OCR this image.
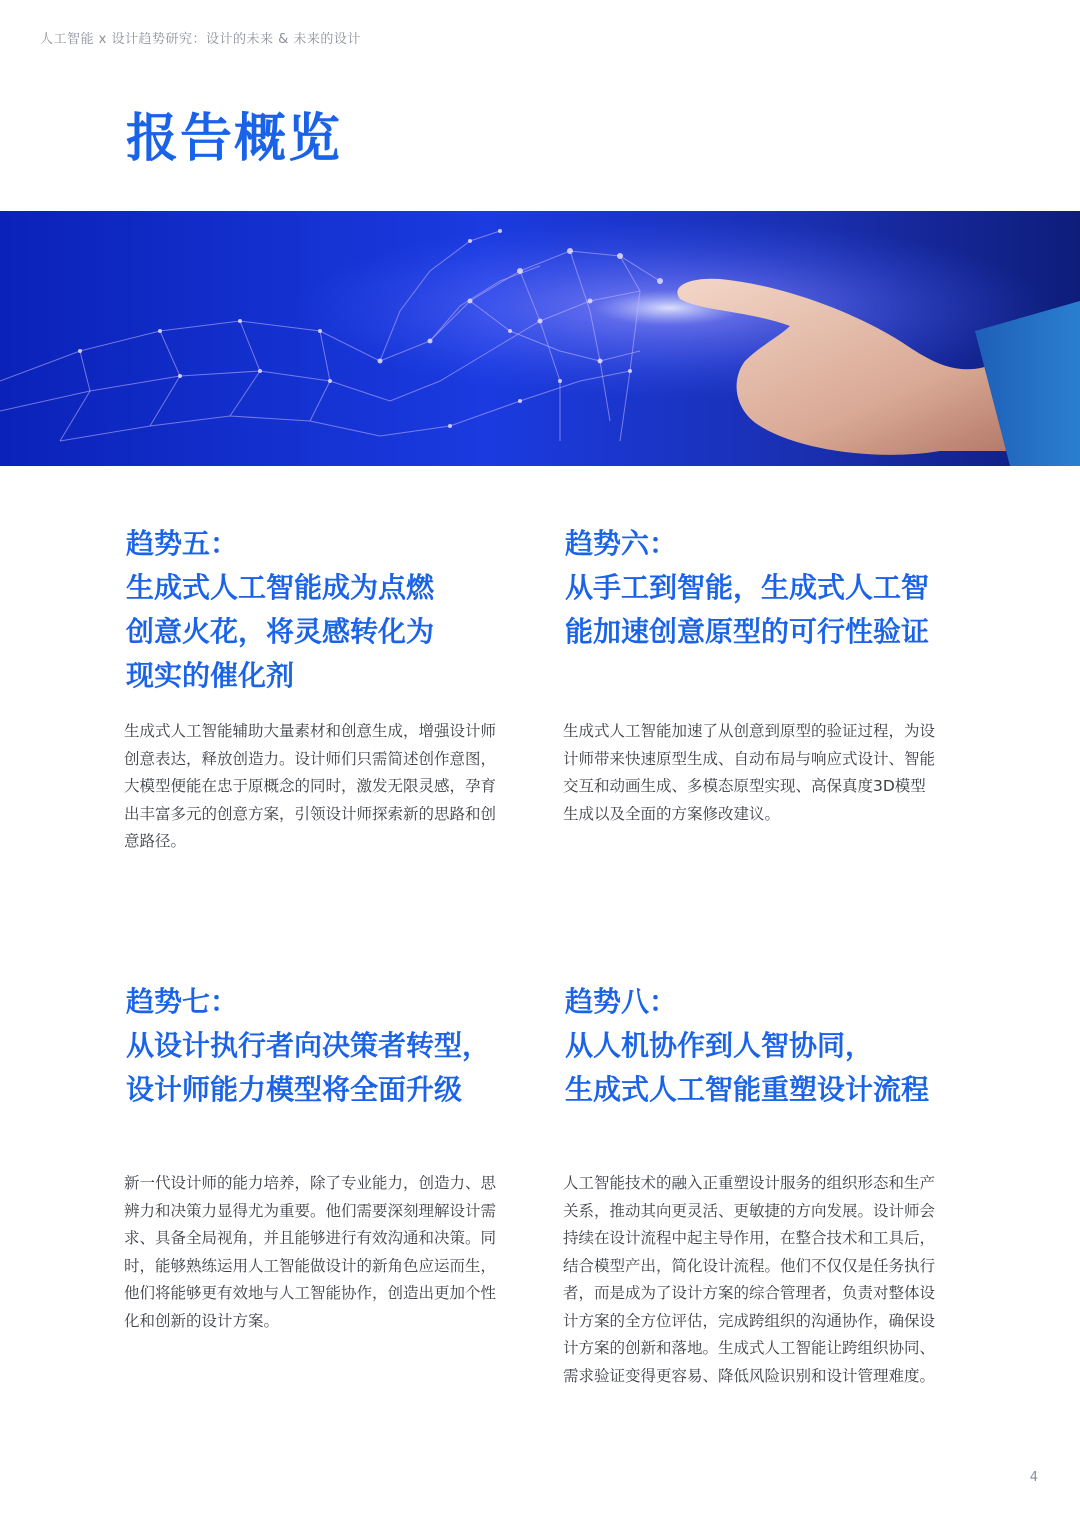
人工智能 x 设计趋势研究：设计的未来 & 未来的设计
报告概览
趋势五：
生成式人工智能成为点燃
创意火花，将灵感转化为
现实的催化剂
生成式人工智能辅助大量素材和创意生成，增强设计师
创意表达，释放创造力。设计师们只需简述创作意图，
大模型便能在忠于原概念的同时，激发无限灵感，孕育
出丰富多元的创意方案，引领设计师探索新的思路和创
意路径。
趋势六：
从手工到智能，生成式人工智
能加速创意原型的可行性验证
生成式人工智能加速了从创意到原型的验证过程，为设
计师带来快速原型生成、自动布局与响应式设计、智能
交互和动画生成、多模态原型实现、高保真度3D模型
生成以及全面的方案修改建议。
趋势七：
从设计执行者向决策者转型，
设计师能力模型将全面升级
新一代设计师的能力培养，除了专业能力，创造力、思
辨力和决策力显得尤为重要。他们需要深刻理解设计需
求、具备全局视角，并且能够进行有效沟通和决策。同
时，能够熟练运用人工智能做设计的新角色应运而生，
他们将能够更有效地与人工智能协作，创造出更加个性
化和创新的设计方案。
趋势八：
从人机协作到人智协同，
生成式人工智能重塑设计流程
人工智能技术的融入正重塑设计服务的组织形态和生产
关系，推动其向更灵活、更敏捷的方向发展。设计师会
持续在设计流程中起主导作用，在整合技术和工具后，
结合模型产出，简化设计流程。他们不仅仅是任务执行
者，而是成为了设计方案的综合管理者，负责对整体设
计方案的全方位评估，完成跨组织的沟通协作，确保设
计方案的创新和落地。生成式人工智能让跨组织协同、
需求验证变得更容易、降低风险识别和设计管理难度。
4
